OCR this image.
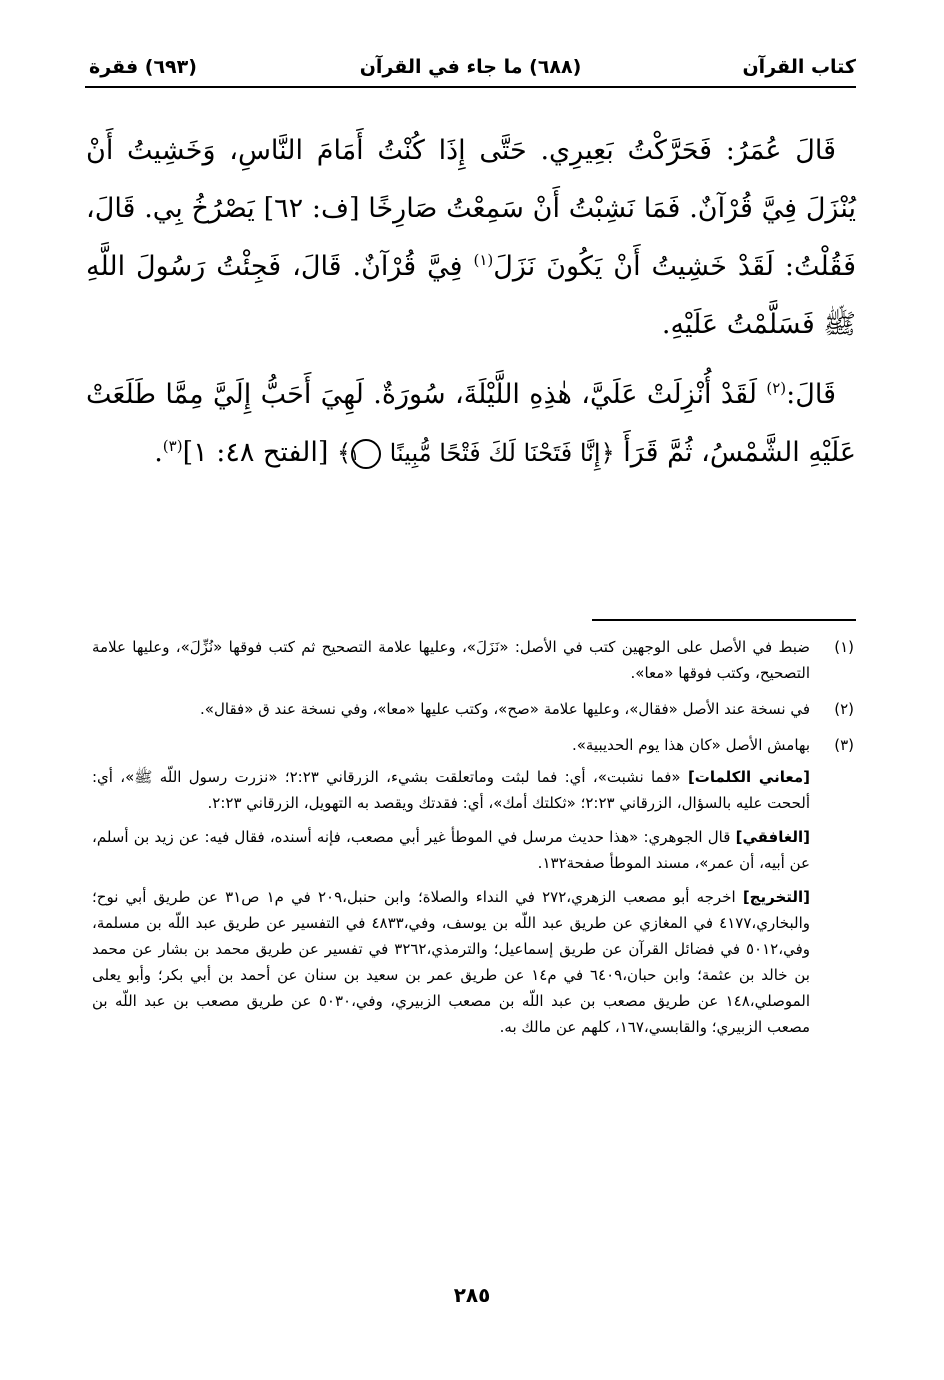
كتاب القرآن
(٦٨٨) ما جاء في القرآن
(٦٩٣) فقرة

قَالَ عُمَرُ: فَحَرَّكْتُ بَعِيرِي. حَتَّى إِذَا كُنْتُ أَمَامَ النَّاسِ، وَخَشِيتُ أَنْ يُنْزَلَ فِيَّ قُرْآنٌ. فَمَا نَشِبْتُ أَنْ سَمِعْتُ صَارِخًا [ف: ٦٢] يَصْرُخُ بِي. قَالَ، فَقُلْتُ: لَقَدْ خَشِيتُ أَنْ يَكُونَ نَزَلَ$^{(١)}$ فِيَّ قُرْآنٌ. قَالَ، فَجِئْتُ رَسُولَ اللَّهِ ﷺ فَسَلَّمْتُ عَلَيْهِ.

قَالَ:$^{(٢)}$ لَقَدْ أُنْزِلَتْ عَلَيَّ، هٰذِهِ اللَّيْلَةَ، سُورَةٌ. لَهِيَ أَحَبُّ إِلَيَّ مِمَّا طَلَعَتْ عَلَيْهِ الشَّمْسُ، ثُمَّ قَرَأَ ﴿إِنَّا فَتَحْنَا لَكَ فَتْحًا مُّبِينًا ١﴾ [الفتح ٤٨: ١]$^{(٣)}$.

(١)
ضبط في الأصل على الوجهين كتب في الأصل: «نَزَلَ»، وعليها علامة التصحيح ثم كتب فوقها «نُزِّلَ»، وعليها علامة التصحيح، وكتب فوقها «معا».
(٢)
في نسخة عند الأصل «فقال»، وعليها علامة «صح»، وكتب عليها «معا»، وفي نسخة عند ق «فقال».
(٣)
بهامش الأصل «كان هذا يوم الحديبية».
[معاني الكلمات] «فما نشبت»، أي: فما لبثت وماتعلقت بشيء، الزرقاني ٢:٢٣؛ «نزرت رسول اللّه ﷺ»، أي: ألححت عليه بالسؤال، الزرقاني ٢:٢٣؛ «ثكلتك أمك»، أي: فقدتك ويقصد به التهويل، الزرقاني ٢:٢٣.
[الغافقي] قال الجوهري: «هذا حديث مرسل في الموطأ غير أبي مصعب، فإنه أسنده، فقال فيه: عن زيد بن أسلم، عن أبيه، أن عمر»، مسند الموطأ صفحة١٣٢.
[التخريج] اخرجه أبو مصعب الزهري،٢٧٢ في النداء والصلاة؛ وابن حنبل،٢٠٩ في م١ ص٣١ عن طريق أبي نوح؛ والبخاري،٤١٧٧ في المغازي عن طريق عبد اللّه بن يوسف، وفي،٤٨٣٣ في التفسير عن طريق عبد اللّه بن مسلمة، وفي،٥٠١٢ في فضائل القرآن عن طريق إسماعيل؛ والترمذي،٣٢٦٢ في تفسير عن طريق محمد بن بشار عن محمد بن خالد بن عثمة؛ وابن حبان،٦٤٠٩ في م١٤ عن طريق عمر بن سعيد بن سنان عن أحمد بن أبي بكر؛ وأبو يعلى الموصلي،١٤٨ عن طريق مصعب بن عبد اللّه بن مصعب الزبيري، وفي،٥٠٣٠ عن طريق مصعب بن عبد اللّه بن مصعب الزبيري؛ والقابسي،١٦٧، كلهم عن مالك به.
٢٨٥
